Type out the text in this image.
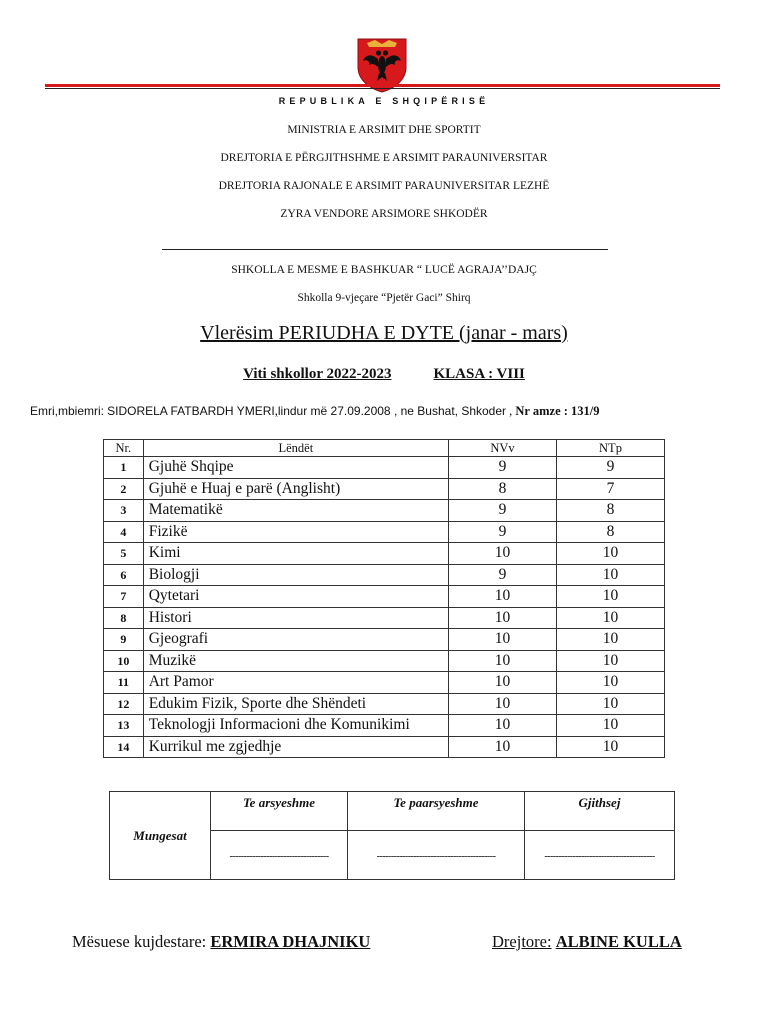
REPUBLIKA E SHQIPËRISË
MINISTRIA E ARSIMIT DHE SPORTIT
DREJTORIA E PËRGJITHSHME E ARSIMIT PARAUNIVERSITAR
DREJTORIA RAJONALE E ARSIMIT PARAUNIVERSITAR LEZHË
ZYRA VENDORE ARSIMORE SHKODËR
SHKOLLA E MESME E BASHKUAR “ LUCË AGRAJA’’DAJÇ
Shkolla 9-vjeçare “Pjetër Gaci” Shirq
Vlerësim PERIUDHA E DYTE (janar - mars)
Viti shkollor 2022-2023	KLASA : VIII
Emri,mbiemri: SIDORELA FATBARDH YMERI,lindur më 27.09.2008 , ne Bushat, Shkoder , Nr amze : 131/9
Nr.	Lëndët	NVv	NTp
1	Gjuhë Shqipe	9	9
2	Gjuhë e Huaj e parë (Anglisht)	8	7
3	Matematikë	9	8
4	Fizikë	9	8
5	Kimi	10	10
6	Biologji	9	10
7	Qytetari	10	10
8	Histori	10	10
9	Gjeografi	10	10
10	Muzikë	10	10
11	Art Pamor	10	10
12	Edukim Fizik, Sporte dhe Shëndeti	10	10
13	Teknologji Informacioni dhe Komunikimi	10	10
14	Kurrikul me zgjedhje	10	10
Mungesat	Te arsyeshme	Te paarsyeshme	Gjithsej
	-----------------------------------	------------------------------------------	---------------------------------------
Mësuese kujdestare: ERMIRA DHAJNIKU	Drejtore: ALBINE KULLA
